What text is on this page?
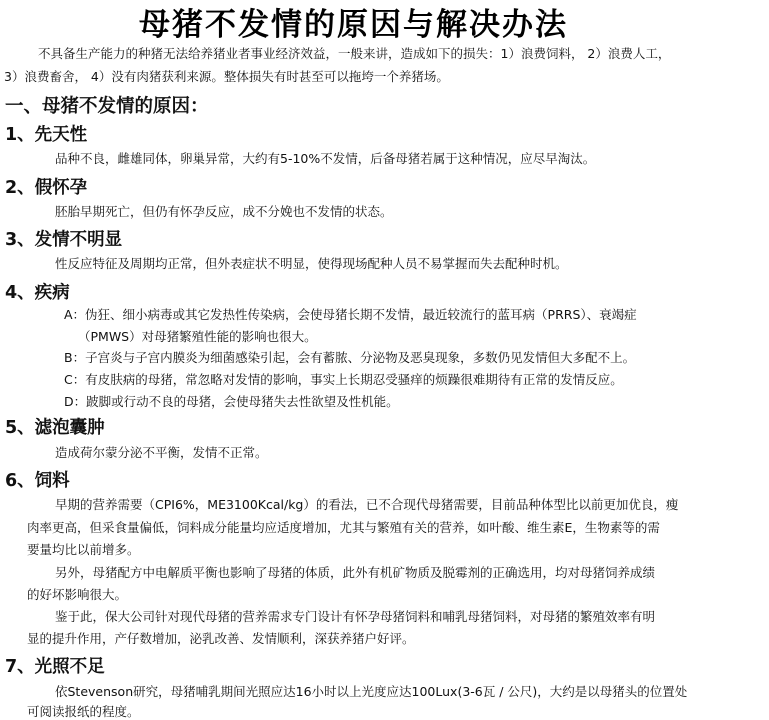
母猪不发情的原因与解决办法

不具备生产能力的种猪无法给养猪业者事业经济效益，一般来讲，造成如下的损失：1）浪费饲料， 2）浪费人工，

3）浪费畜舍， 4）没有肉猪获利来源。整体损失有时甚至可以拖垮一个养猪场。

一、母猪不发情的原因：
1、先天性

品种不良，雌雄同体，卵巢异常，大约有5-10%不发情，后备母猪若属于这种情况，应尽早淘汰。

2、假怀孕

胚胎早期死亡，但仍有怀孕反应，成不分娩也不发情的状态。

3、发情不明显

性反应特征及周期均正常，但外表症状不明显，使得现场配种人员不易掌握而失去配种时机。

4、疾病

A：伪狂、细小病毒或其它发热性传染病，会使母猪长期不发情，最近较流行的蓝耳病（PRRS）、衰竭症

（PMWS）对母猪繁殖性能的影响也很大。

B：子宫炎与子宫内膜炎为细菌感染引起，会有蓄脓、分泌物及恶臭现象，多数仍见发情但大多配不上。

C：有皮肤病的母猪，常忽略对发情的影响，事实上长期忍受骚痒的烦躁很难期待有正常的发情反应。

D：跛脚或行动不良的母猪，会使母猪失去性欲望及性机能。

5、滤泡囊肿

造成荷尔蒙分泌不平衡，发情不正常。

6、饲料

早期的营养需要（CPI6%，ME3100Kcal/kg）的看法，已不合现代母猪需要，目前品种体型比以前更加优良，瘦

肉率更高，但采食量偏低，饲料成分能量均应适度增加，尤其与繁殖有关的营养，如叶酸、维生素E，生物素等的需

要量均比以前增多。

另外，母猪配方中电解质平衡也影响了母猪的体质，此外有机矿物质及脱霉剂的正确选用，均对母猪饲养成绩

的好坏影响很大。

鉴于此，保大公司针对现代母猪的营养需求专门设计有怀孕母猪饲料和哺乳母猪饲料，对母猪的繁殖效率有明

显的提升作用，产仔数增加，泌乳改善、发情顺利，深获养猪户好评。

7、光照不足

依Stevenson研究，母猪哺乳期间光照应达16小时以上光度应达100Lux(3-6瓦 / 公尺)，大约是以母猪头的位置处

可阅读报纸的程度。
